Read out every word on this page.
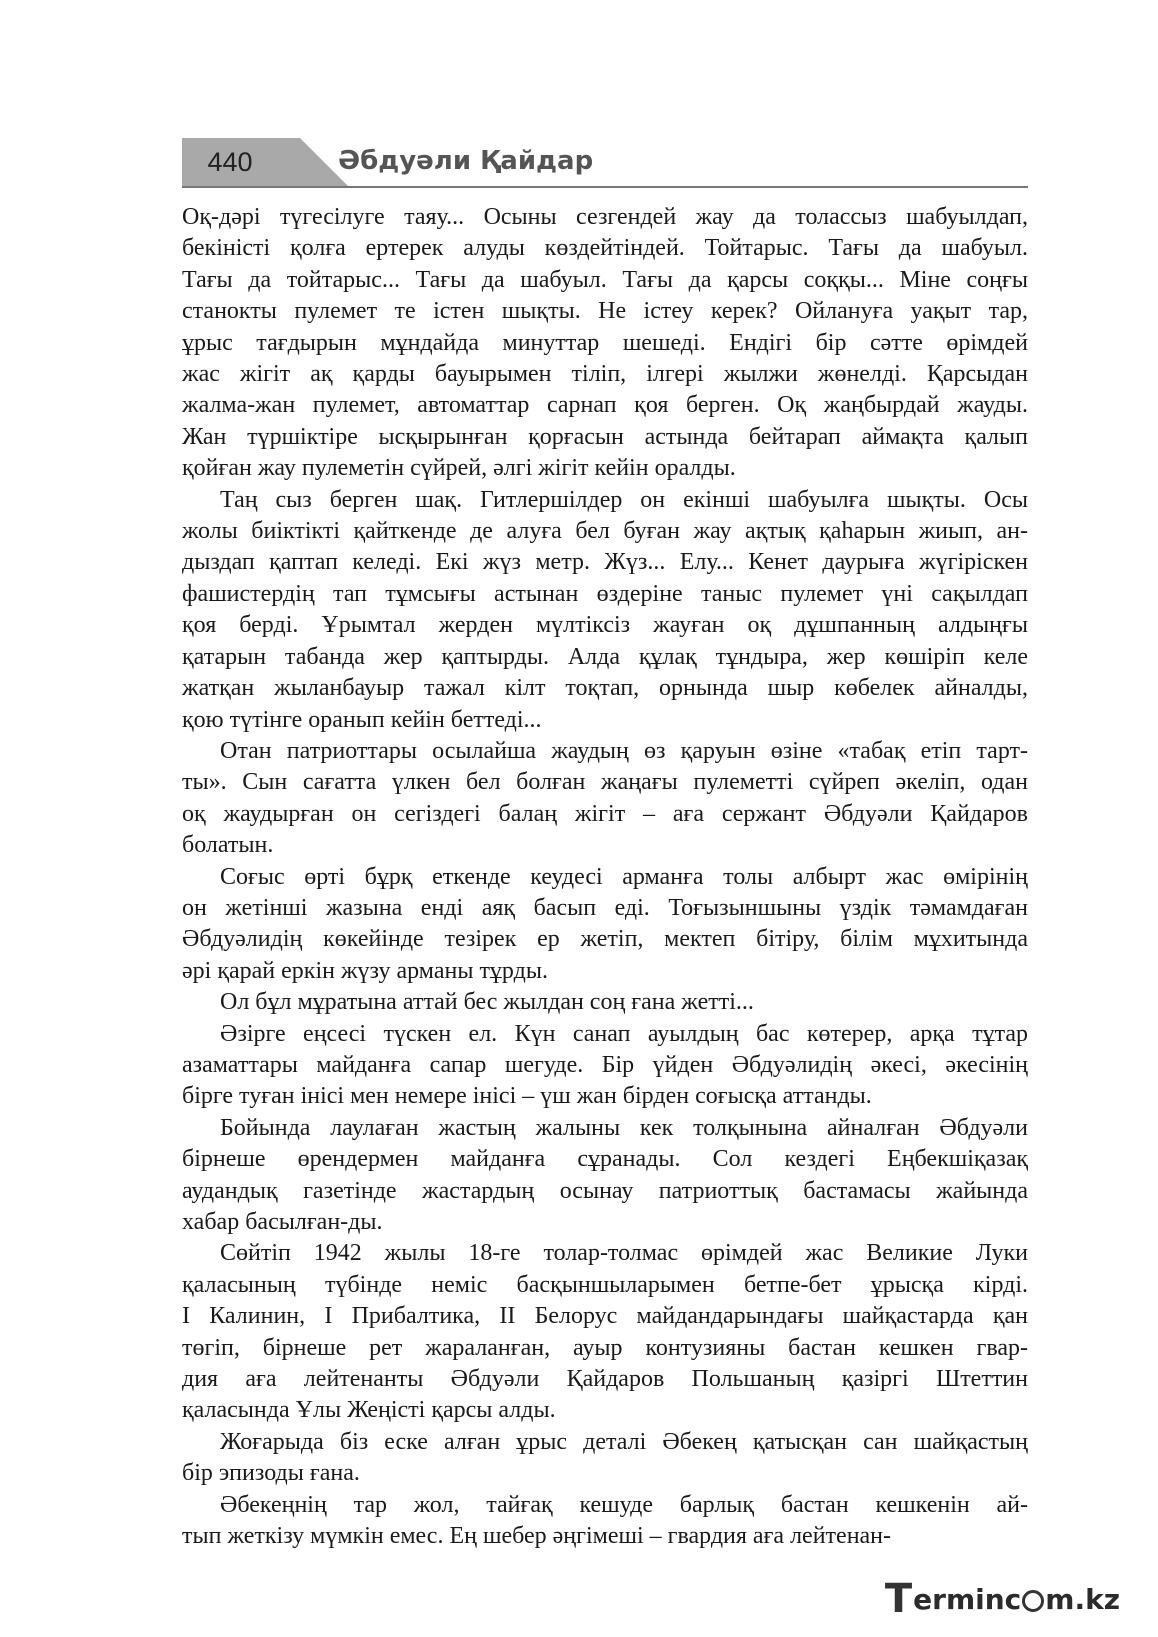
440	Әбдуәли Қайдар

Оқ-дәрі түгесілуге таяу... Осыны сезгендей жау да толассыз шабуылдап,
бекіністі қолға ертерек алуды көздейтіндей. Тойтарыс. Тағы да шабуыл.
Тағы да тойтарыс... Тағы да шабуыл. Тағы да қарсы соққы... Міне соңғы
станокты пулемет те істен шықты. Не істеу керек? Ойлануға уақыт тар,
ұрыс тағдырын мұндайда минуттар шешеді. Ендігі бір сәтте өрімдей
жас жігіт ақ қарды бауырымен тіліп, ілгері жылжи жөнелді. Қарсыдан
жалма-жан пулемет, автоматтар сарнап қоя берген. Оқ жаңбырдай жауды.
Жан түршіктіре ысқырынған қорғасын астында бейтарап аймақта қалып
қойған жау пулеметін сүйрей, әлгі жігіт кейін оралды.

Таң сыз берген шақ. Гитлершілдер он екінші шабуылға шықты. Осы
жолы биіктікті қайткенде де алуға бел буған жау ақтық қаһарын жиып, ан-
дыздап қаптап келеді. Екі жүз метр. Жүз... Елу... Кенет даурыға жүгіріскен
фашистердің тап тұмсығы астынан өздеріне таныс пулемет үні сақылдап
қоя берді. Ұрымтал жерден мүлтіксіз жауған оқ дұшпанның алдыңғы
қатарын табанда жер қаптырды. Алда құлақ тұндыра, жер көшіріп келе
жатқан жыланбауыр тажал кілт тоқтап, орнында шыр көбелек айналды,
қою түтінге оранып кейін беттеді...

Отан патриоттары осылайша жаудың өз қаруын өзіне «табақ етіп тарт-
ты». Сын сағатта үлкен бел болған жаңағы пулеметті сүйреп әкеліп, одан
оқ жаудырған он сегіздегі балаң жігіт – аға сержант Әбдуәли Қайдаров
болатын.

Соғыс өрті бұрқ еткенде кеудесі арманға толы албырт жас өмірінің
он жетінші жазына енді аяқ басып еді. Тоғызыншыны үздік тәмамдаған
Әбдуәлидің көкейінде тезірек ер жетіп, мектеп бітіру, білім мұхитында
әрі қарай еркін жүзу арманы тұрды.

Ол бұл мұратына аттай бес жылдан соң ғана жетті...

Әзірге еңсесі түскен ел. Күн санап ауылдың бас көтерер, арқа тұтар
азаматтары майданға сапар шегуде. Бір үйден Әбдуәлидің әкесі, әкесінің
бірге туған інісі мен немере інісі – үш жан бірден соғысқа аттанды.

Бойында лаулаған жастың жалыны кек толқынына айналған Әбдуәли
бірнеше өрендермен майданға сұранады. Сол кездегі Еңбекшіқазақ
аудандық газетінде жастардың осынау патриоттық бастамасы жайында
хабар басылған-ды.

Сөйтіп 1942 жылы 18-ге толар-толмас өрімдей жас Великие Луки
қаласының түбінде неміс басқыншыларымен бетпе-бет ұрысқа кірді.
I Калинин, I Прибалтика, II Белорус майдандарындағы шайқастарда қан
төгіп, бірнеше рет жараланған, ауыр контузияны бастан кешкен гвар-
дия аға лейтенанты Әбдуәли Қайдаров Польшаның қазіргі Штеттин
қаласында Ұлы Жеңісті қарсы алды.

Жоғарыда біз еске алған ұрыс деталі Әбекең қатысқан сан шайқастың
бір эпизоды ғана.

Әбекеңнің тар жол, тайғақ кешуде барлық бастан кешкенін ай-
тып жеткізу мүмкін емес. Ең шебер әңгімеші – гвардия аға лейтенан-

T erminc m.kz
